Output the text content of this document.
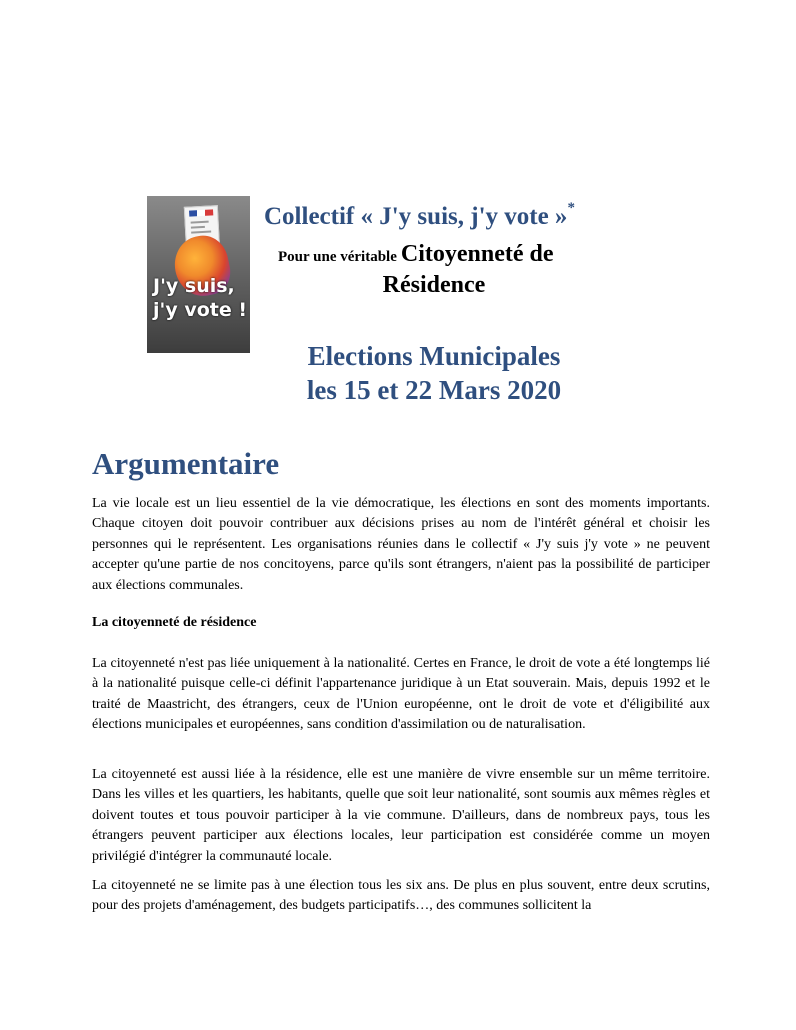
J'y suis,
j'y vote !
Collectif « J'y suis, j'y vote »*
Pour une véritable Citoyenneté de
Résidence
Elections Municipales
les 15 et 22 Mars 2020
Argumentaire
La vie locale est un lieu essentiel de la vie démocratique, les élections en sont des moments importants. Chaque citoyen doit pouvoir contribuer aux décisions prises au nom de l'intérêt général et choisir les personnes qui le représentent. Les organisations réunies dans le collectif « J'y suis j'y vote » ne peuvent accepter qu'une partie de nos concitoyens, parce qu'ils sont étrangers, n'aient pas la possibilité de participer aux élections communales.
La citoyenneté de résidence
La citoyenneté n'est pas liée uniquement à la nationalité. Certes en France, le droit de vote a été longtemps lié à la nationalité puisque celle-ci définit l'appartenance juridique à un Etat souverain. Mais, depuis 1992 et le traité de Maastricht, des étrangers, ceux de l'Union européenne, ont le droit de vote et d'éligibilité aux élections municipales et européennes, sans condition d'assimilation ou de naturalisation.
La citoyenneté est aussi liée à la résidence, elle est une manière de vivre ensemble sur un même territoire. Dans les villes et les quartiers, les habitants, quelle que soit leur nationalité, sont soumis aux mêmes règles et doivent toutes et tous pouvoir participer à la vie commune. D'ailleurs, dans de nombreux pays, tous les étrangers peuvent participer aux élections locales, leur participation est considérée comme un moyen privilégié d'intégrer la communauté locale.
La citoyenneté ne se limite pas à une élection tous les six ans. De plus en plus souvent, entre deux scrutins, pour des projets d'aménagement, des budgets participatifs…, des communes sollicitent la
